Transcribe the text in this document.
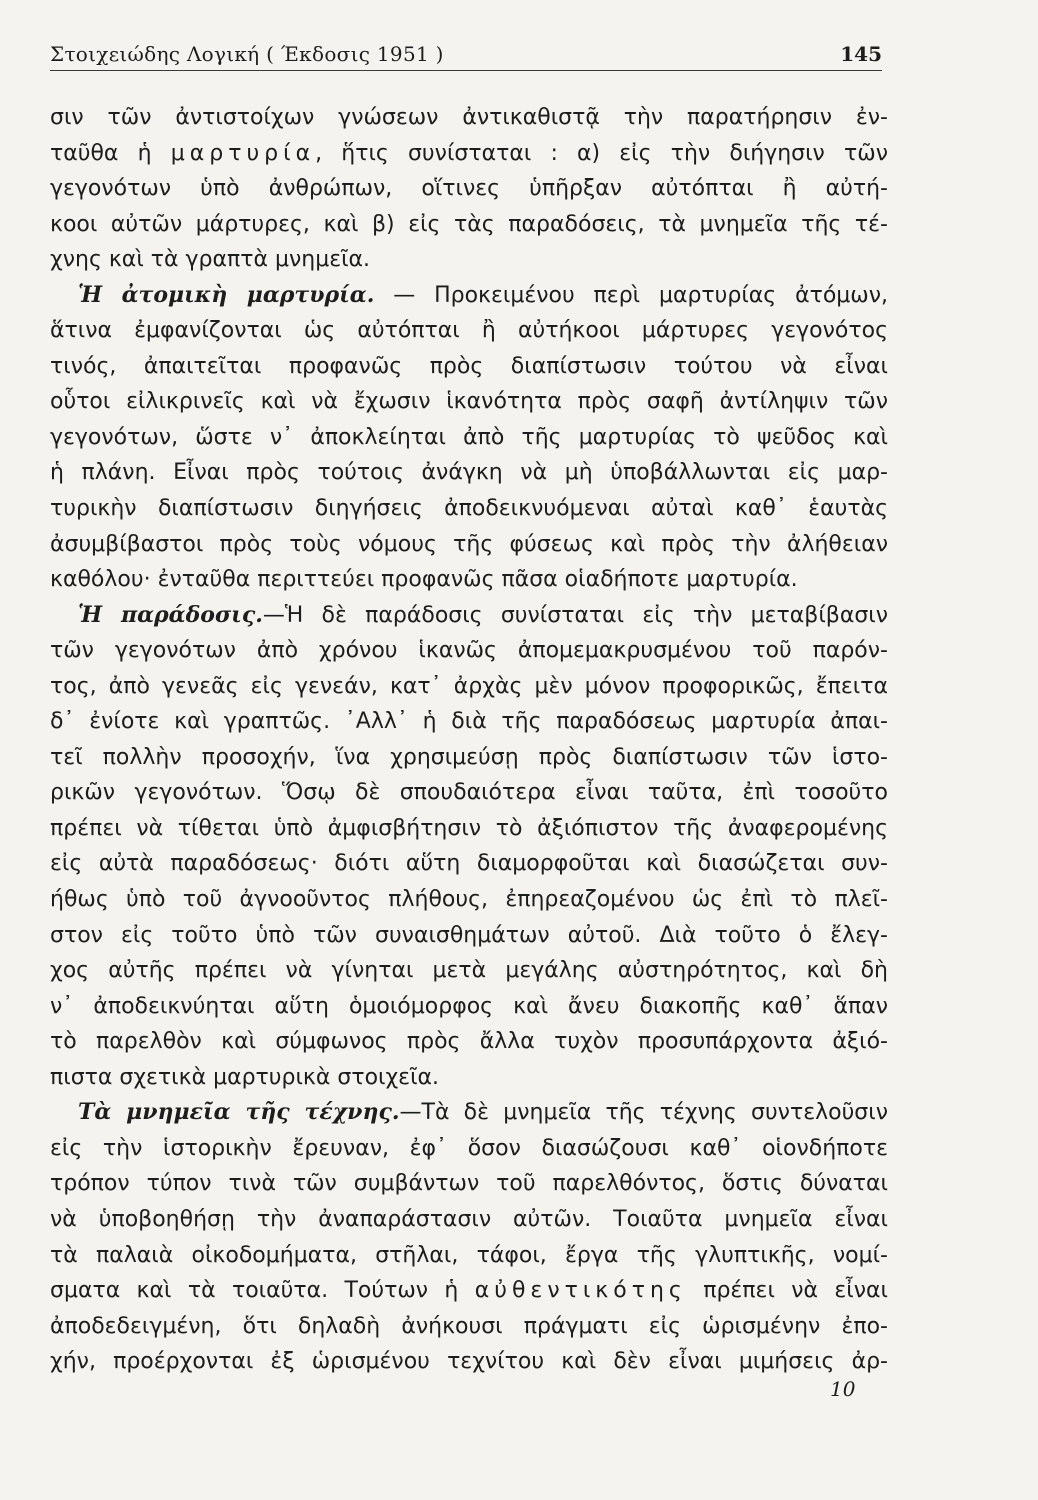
Στοιχειώδης Λογική ( Έκδοσις 1951 )	145
σιν τῶν ἀντιστοίχων γνώσεων ἀντικαθιστᾷ τὴν παρατήρησιν ἐν-
ταῦθα ἡ μαρτυρία, ἥτις συνίσταται : α) εἰς τὴν διήγησιν τῶν
γεγονότων ὑπὸ ἀνθρώπων, οἵτινες ὑπῆρξαν αὐτόπται ἢ αὐτή-
κοοι αὐτῶν μάρτυρες, καὶ β) εἰς τὰς παραδόσεις, τὰ μνημεῖα τῆς τέ-
χνης καὶ τὰ γραπτὰ μνημεῖα.
Ἡ ἀτομικὴ μαρτυρία. — Προκειμένου περὶ μαρτυρίας ἀτόμων,
ἅτινα ἐμφανίζονται ὡς αὐτόπται ἢ αὐτήκοοι μάρτυρες γεγονότος
τινός, ἀπαιτεῖται προφανῶς πρὸς διαπίστωσιν τούτου νὰ εἶναι
οὗτοι εἰλικρινεῖς καὶ νὰ ἔχωσιν ἱκανότητα πρὸς σαφῆ ἀντίληψιν τῶν
γεγονότων, ὥστε ν᾽ ἀποκλείηται ἀπὸ τῆς μαρτυρίας τὸ ψεῦδος καὶ
ἡ πλάνη. Εἶναι πρὸς τούτοις ἀνάγκη νὰ μὴ ὑποβάλλωνται εἰς μαρ-
τυρικὴν διαπίστωσιν διηγήσεις ἀποδεικνυόμεναι αὐταὶ καθ᾽ ἑαυτὰς
ἀσυμβίβαστοι πρὸς τοὺς νόμους τῆς φύσεως καὶ πρὸς τὴν ἀλήθειαν
καθόλου· ἐνταῦθα περιττεύει προφανῶς πᾶσα οἱαδήποτε μαρτυρία.
Ἡ παράδοσις.—Ἡ δὲ παράδοσις συνίσταται εἰς τὴν μεταβίβασιν
τῶν γεγονότων ἀπὸ χρόνου ἱκανῶς ἀπομεμακρυσμένου τοῦ παρόν-
τος, ἀπὸ γενεᾶς εἰς γενεάν, κατ᾽ ἀρχὰς μὲν μόνον προφορικῶς, ἔπειτα
δ᾽ ἐνίοτε καὶ γραπτῶς. ᾽Αλλ᾽ ἡ διὰ τῆς παραδόσεως μαρτυρία ἀπαι-
τεῖ πολλὴν προσοχήν, ἵνα χρησιμεύσῃ πρὸς διαπίστωσιν τῶν ἱστο-
ρικῶν γεγονότων. Ὅσῳ δὲ σπουδαιότερα εἶναι ταῦτα, ἐπὶ τοσοῦτο
πρέπει νὰ τίθεται ὑπὸ ἀμφισβήτησιν τὸ ἀξιόπιστον τῆς ἀναφερομένης
εἰς αὐτὰ παραδόσεως· διότι αὕτη διαμορφοῦται καὶ διασώζεται συν-
ήθως ὑπὸ τοῦ ἀγνοοῦντος πλήθους, ἐπηρεαζομένου ὡς ἐπὶ τὸ πλεῖ-
στον εἰς τοῦτο ὑπὸ τῶν συναισθημάτων αὐτοῦ. Διὰ τοῦτο ὁ ἔλεγ-
χος αὐτῆς πρέπει νὰ γίνηται μετὰ μεγάλης αὐστηρότητος, καὶ δὴ
ν᾽ ἀποδεικνύηται αὕτη ὁμοιόμορφος καὶ ἄνευ διακοπῆς καθ᾽ ἅπαν
τὸ παρελθὸν καὶ σύμφωνος πρὸς ἄλλα τυχὸν προσυπάρχοντα ἀξιό-
πιστα σχετικὰ μαρτυρικὰ στοιχεῖα.
Τὰ μνημεῖα τῆς τέχνης.—Τὰ δὲ μνημεῖα τῆς τέχνης συντελοῦσιν
εἰς τὴν ἱστορικὴν ἔρευναν, ἐφ᾽ ὅσον διασώζουσι καθ᾽ οἱονδήποτε
τρόπον τύπον τινὰ τῶν συμβάντων τοῦ παρελθόντος, ὅστις δύναται
νὰ ὑποβοηθήσῃ τὴν ἀναπαράστασιν αὐτῶν. Τοιαῦτα μνημεῖα εἶναι
τὰ παλαιὰ οἰκοδομήματα, στῆλαι, τάφοι, ἔργα τῆς γλυπτικῆς, νομί-
σματα καὶ τὰ τοιαῦτα. Τούτων ἡ αὐθεντικότης πρέπει νὰ εἶναι
ἀποδεδειγμένη, ὅτι δηλαδὴ ἀνήκουσι πράγματι εἰς ὡρισμένην ἐπο-
χήν, προέρχονται ἐξ ὡρισμένου τεχνίτου καὶ δὲν εἶναι μιμήσεις ἀρ-
10
